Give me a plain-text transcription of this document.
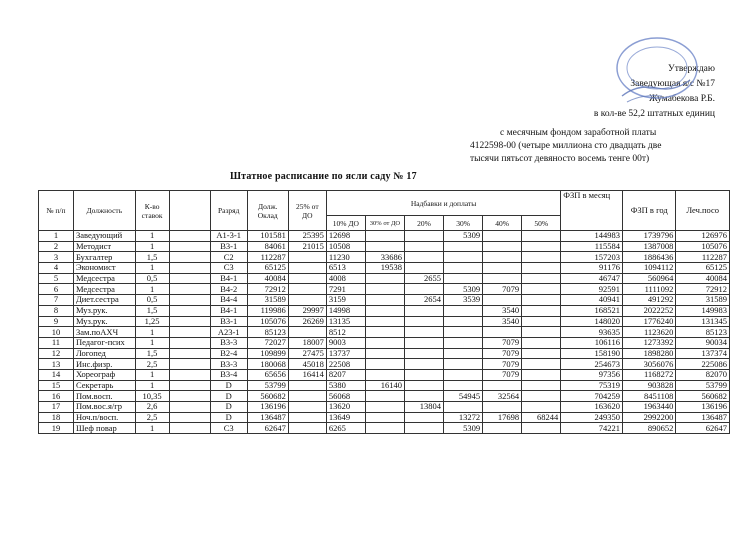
Утверждаю
Заведующая я/с №17
Жумабекова Р.Б.
в кол-ве 52,2 штатных единиц
с месячным фондом заработной платы
4122598-00 (четыре миллиона сто двадцать две
тысячи пятьсот девяносто восемь тенге 00т)
Штатное расписание по ясли саду № 17
№ п/п	Должность	К-во ставок		Разряд	Долж. Оклад	25% от ДО	Надбавки и доплаты						ФЗП в месяц	ФЗП в год	Леч.посо
							10% ДО	30% от ДО	20%	30%	40%	50%			
1	Заведующий	1		A1-3-1	101581	25395	12698			5309			144983	1739796	126976
2	Методист	1		B3-1	84061	21015	10508						115584	1387008	105076
3	Бухгалтер	1,5		C2	112287		11230	33686					157203	1886436	112287
4	Экономист	1		C3	65125		6513	19538					91176	1094112	65125
5	Медсестра	0,5		B4-1	40084		4008		2655				46747	560964	40084
6	Медсестра	1		B4-2	72912		7291			5309	7079		92591	1111092	72912
7	Диет.сестра	0,5		B4-4	31589		3159		2654	3539			40941	491292	31589
8	Муз.рук.	1,5		B4-1	119986	29997	14998				3540		168521	2022252	149983
9	Муз.рук.	1,25		B3-1	105076	26269	13135				3540		148020	1776240	131345
10	Зам.поАХЧ	1		A23-1	85123		8512						93635	1123620	85123
11	Педагог-псих	1		B3-3	72027	18007	9003				7079		106116	1273392	90034
12	Логопед	1,5		B2-4	109899	27475	13737				7079		158190	1898280	137374
13	Инс.физр.	2,5		B3-3	180068	45018	22508				7079		254673	3056076	225086
14	Хореограф	1		B3-4	65656	16414	8207				7079		97356	1168272	82070
15	Секретарь	1		D	53799		5380	16140					75319	903828	53799
16	Пом.восп.	10,35		D	560682		56068			54945	32564		704259	8451108	560682
17	Пом.вос.я/гр	2,6		D	136196		13620		13804				163620	1963440	136196
18	Ноч.п/восп.	2,5		D	136487		13649			13272	17698	68244	249350	2992200	136487
19	Шеф повар	1		C3	62647		6265			5309			74221	890652	62647
